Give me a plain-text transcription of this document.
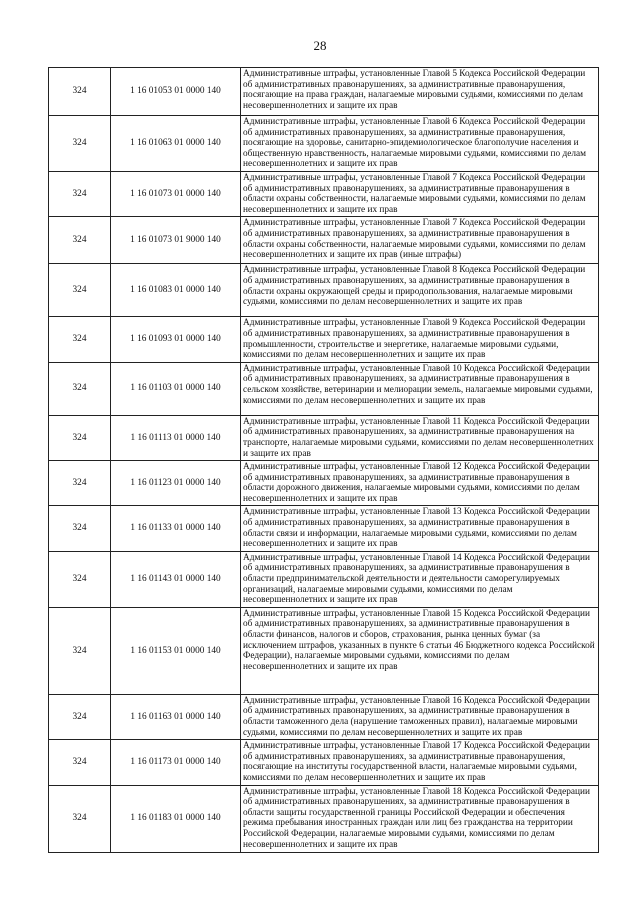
28
324	1 16 01053 01 0000 140	Административные штрафы, установленные Главой 5 Кодекса Российской Федерации об административных правонарушениях, за административные правонарушения, посягающие на права граждан, налагаемые мировыми судьями, комиссиями по делам несовершеннолетних и защите их прав
324	1 16 01063 01 0000 140	Административные штрафы, установленные Главой 6 Кодекса Российской Федерации об административных правонарушениях, за административные правонарушения, посягающие на здоровье, санитарно-эпидемиологическое благополучие населения и общественную нравственность, налагаемые мировыми судьями, комиссиями по делам несовершеннолетних и защите их прав
324	1 16 01073 01 0000 140	Административные штрафы, установленные Главой 7 Кодекса Российской Федерации об административных правонарушениях, за административные правонарушения в области охраны собственности, налагаемые мировыми судьями, комиссиями по делам несовершеннолетних и защите их прав
324	1 16 01073 01 9000 140	Административные штрафы, установленные Главой 7 Кодекса Российской Федерации об административных правонарушениях, за административные правонарушения в области охраны собственности, налагаемые мировыми судьями, комиссиями по делам несовершеннолетних и защите их прав (иные штрафы)
324	1 16 01083 01 0000 140	Административные штрафы, установленные Главой 8 Кодекса Российской Федерации об административных правонарушениях, за административные правонарушения в области охраны окружающей среды и природопользования, налагаемые мировыми судьями, комиссиями по делам несовершеннолетних и защите их прав
324	1 16 01093 01 0000 140	Административные штрафы, установленные Главой 9 Кодекса Российской Федерации об административных правонарушениях, за административные правонарушения в промышленности, строительстве и энергетике, налагаемые мировыми судьями, комиссиями по делам несовершеннолетних и защите их прав
324	1 16 01103 01 0000 140	Административные штрафы, установленные Главой 10 Кодекса Российской Федерации об административных правонарушениях, за административные правонарушения в сельском хозяйстве, ветеринарии и мелиорации земель, налагаемые мировыми судьями, комиссиями по делам несовершеннолетних и защите их прав
324	1 16 01113 01 0000 140	Административные штрафы, установленные Главой 11 Кодекса Российской Федерации об административных правонарушениях, за административные правонарушения на транспорте, налагаемые мировыми судьями, комиссиями по делам несовершеннолетних и защите их прав
324	1 16 01123 01 0000 140	Административные штрафы, установленные Главой 12 Кодекса Российской Федерации об административных правонарушениях, за административные правонарушения в области дорожного движения, налагаемые мировыми судьями, комиссиями по делам несовершеннолетних и защите их прав
324	1 16 01133 01 0000 140	Административные штрафы, установленные Главой 13 Кодекса Российской Федерации об административных правонарушениях, за административные правонарушения в области связи и информации, налагаемые мировыми судьями, комиссиями по делам несовершеннолетних и защите их прав
324	1 16 01143 01 0000 140	Административные штрафы, установленные Главой 14 Кодекса Российской Федерации об административных правонарушениях, за административные правонарушения в области предпринимательской деятельности и деятельности саморегулируемых организаций, налагаемые мировыми судьями, комиссиями по делам несовершеннолетних и защите их прав
324	1 16 01153 01 0000 140	Административные штрафы, установленные Главой 15 Кодекса Российской Федерации об административных правонарушениях, за административные правонарушения в области финансов, налогов и сборов, страхования, рынка ценных бумаг (за исключением штрафов, указанных в пункте 6 статьи 46 Бюджетного кодекса Российской Федерации), налагаемые мировыми судьями, комиссиями по делам несовершеннолетних и защите их прав
324	1 16 01163 01 0000 140	Административные штрафы, установленные Главой 16 Кодекса Российской Федерации об административных правонарушениях, за административные правонарушения в области таможенного дела (нарушение таможенных правил), налагаемые мировыми судьями, комиссиями по делам несовершеннолетних и защите их прав
324	1 16 01173 01 0000 140	Административные штрафы, установленные Главой 17 Кодекса Российской Федерации об административных правонарушениях, за административные правонарушения, посягающие на институты государственной власти, налагаемые мировыми судьями, комиссиями по делам несовершеннолетних и защите их прав
324	1 16 01183 01 0000 140	Административные штрафы, установленные Главой 18 Кодекса Российской Федерации об административных правонарушениях, за административные правонарушения в области защиты государственной границы Российской Федерации и обеспечения режима пребывания иностранных граждан или лиц без гражданства на территории Российской Федерации, налагаемые мировыми судьями, комиссиями по делам несовершеннолетних и защите их прав
